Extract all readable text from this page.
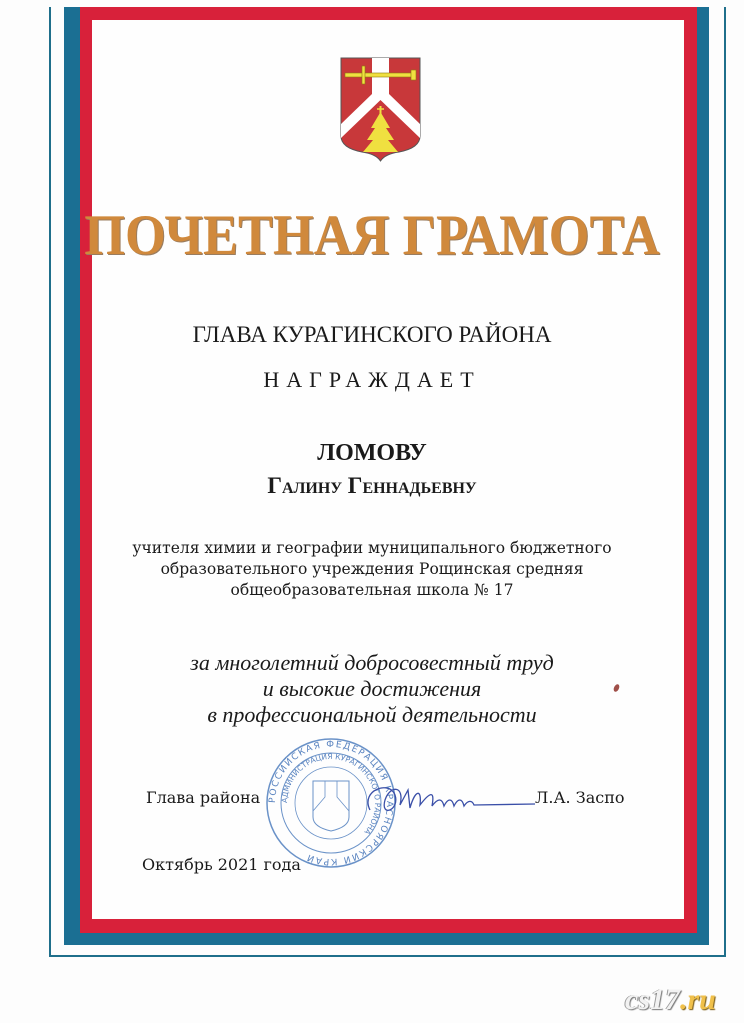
ПОЧЕТНАЯ ГРАМОТА
ГЛАВА КУРАГИНСКОГО РАЙОНА
НАГРАЖДАЕТ
ЛОМОВУ
Галину Геннадьевну
учителя химии и географии муниципального бюджетного
образовательного учреждения Рощинская средняя
общеобразовательная школа № 17
за многолетний добросовестный труд
и высокие достижения
в профессиональной деятельности
РОССИЙСКАЯ ФЕДЕРАЦИЯ КРАСНОЯРСКИЙ КРАЙ
АДМИНИСТРАЦИЯ КУРАГИНСКОГО РАЙОНА
Глава района	Л.А. Заспо
Октябрь 2021 года
cs17.ru
